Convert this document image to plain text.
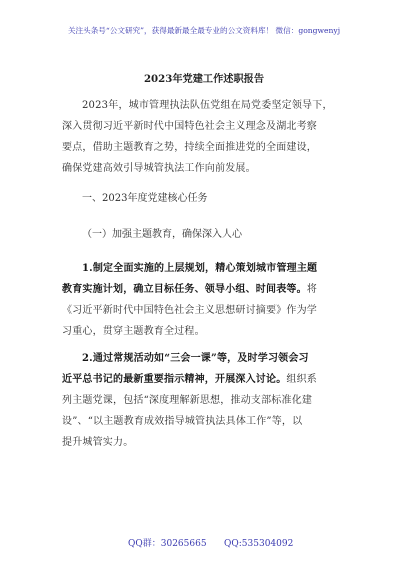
关注头条号“公文研究”，获得最新最全最专业的公文资料库！ 微信：gongwenyj
2023年党建工作述职报告
2023年，城市管理执法队伍党组在局党委坚定领导下，
深入贯彻习近平新时代中国特色社会主义理念及湖北考察
要点，借助主题教育之势，持续全面推进党的全面建设，
确保党建高效引导城管执法工作向前发展。
一、2023年度党建核心任务
（一）加强主题教育，确保深入人心
1.制定全面实施的上层规划，精心策划城市管理主题
教育实施计划，确立目标任务、领导小组、时间表等。将
《习近平新时代中国特色社会主义思想研讨摘要》作为学
习重心，贯穿主题教育全过程。
2.通过常规活动如“三会一课”等，及时学习领会习
近平总书记的最新重要指示精神，开展深入讨论。组织系
列主题党课，包括“深度理解新思想，推动支部标准化建
设”、“以主题教育成效指导城管执法具体工作”等，以
提升城管实力。
QQ群：30265665 QQ:535304092
